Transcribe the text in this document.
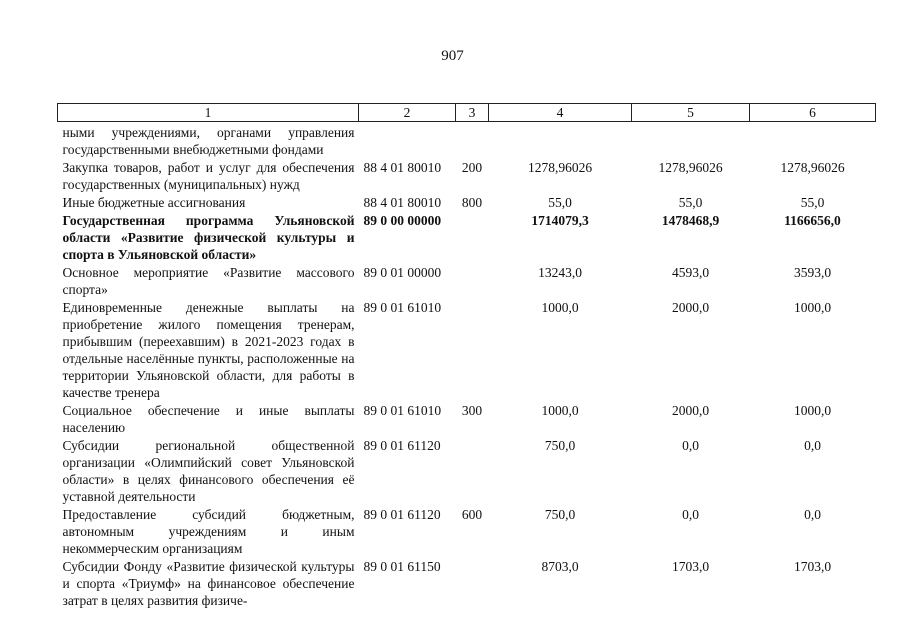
907
1	2	3	4	5	6
ными учреждениями, органами управления государственными внебюджетными фондами					
Закупка товаров, работ и услуг для обеспечения государственных (муниципальных) нужд	88 4 01 80010	200	1278,96026	1278,96026	1278,96026
Иные бюджетные ассигнования	88 4 01 80010	800	55,0	55,0	55,0
Государственная программа Ульяновской области «Развитие физической культуры и спорта в Ульяновской области»	89 0 00 00000		1714079,3	1478468,9	1166656,0
Основное мероприятие «Развитие массового спорта»	89 0 01 00000		13243,0	4593,0	3593,0
Единовременные денежные выплаты на приобретение жилого помещения тренерам, прибывшим (переехавшим) в 2021-2023 годах в отдельные населённые пункты, расположенные на территории Ульяновской области, для работы в качестве тренера	89 0 01 61010		1000,0	2000,0	1000,0
Социальное обеспечение и иные выплаты населению	89 0 01 61010	300	1000,0	2000,0	1000,0
Субсидии региональной общественной организации «Олимпийский совет Ульяновской области» в целях финансового обеспечения её уставной деятельности	89 0 01 61120		750,0	0,0	0,0
Предоставление субсидий бюджетным, автономным учреждениям и иным некоммерческим организациям	89 0 01 61120	600	750,0	0,0	0,0
Субсидии Фонду «Развитие физической культуры и спорта «Триумф» на финансовое обеспечение затрат в целях развития физиче-	89 0 01 61150		8703,0	1703,0	1703,0
